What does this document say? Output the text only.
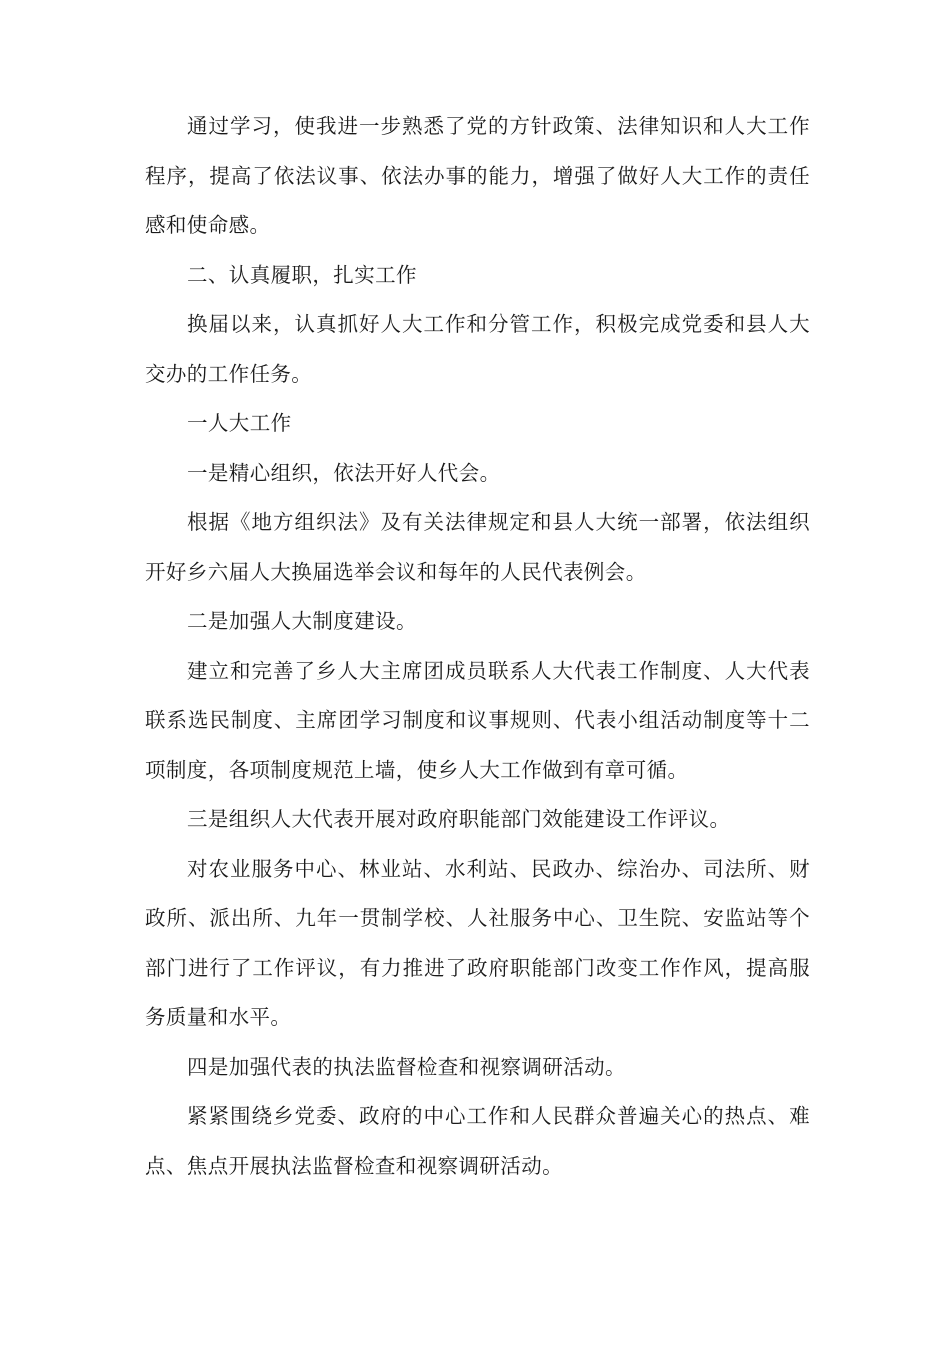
通过学习，使我进一步熟悉了党的方针政策、法律知识和人大工作程序，提高了依法议事、依法办事的能力，增强了做好人大工作的责任感和使命感。

二、认真履职，扎实工作

换届以来，认真抓好人大工作和分管工作，积极完成党委和县人大交办的工作任务。

一人大工作

一是精心组织，依法开好人代会。

根据《地方组织法》及有关法律规定和县人大统一部署，依法组织开好乡六届人大换届选举会议和每年的人民代表例会。

二是加强人大制度建设。

建立和完善了乡人大主席团成员联系人大代表工作制度、人大代表联系选民制度、主席团学习制度和议事规则、代表小组活动制度等十二项制度，各项制度规范上墙，使乡人大工作做到有章可循。

三是组织人大代表开展对政府职能部门效能建设工作评议。

对农业服务中心、林业站、水利站、民政办、综治办、司法所、财政所、派出所、九年一贯制学校、人社服务中心、卫生院、安监站等个部门进行了工作评议，有力推进了政府职能部门改变工作作风，提高服务质量和水平。

四是加强代表的执法监督检查和视察调研活动。

紧紧围绕乡党委、政府的中心工作和人民群众普遍关心的热点、难点、焦点开展执法监督检查和视察调研活动。
